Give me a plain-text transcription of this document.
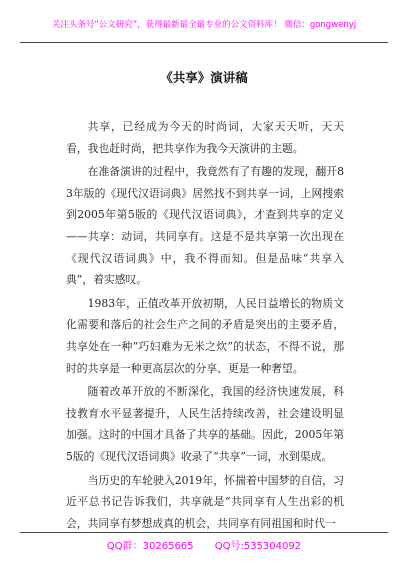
关注头条号“公文研究”，获得最新最全最专业的公文资料库！ 微信：gongwenyj
《共享》演讲稿

共享，已经成为今天的时尚词，大家天天听，天天看，我也赶时尚，把共享作为我今天演讲的主题。

在准备演讲的过程中，我竟然有了有趣的发现，翻开83年版的《现代汉语词典》居然找不到共享一词，上网搜索到2005年第5版的《现代汉语词典》，才查到共享的定义——共享：动词，共同享有。这是不是共享第一次出现在《现代汉语词典》中，我不得而知。但是品味“共享入典”，着实感叹。

1983年，正值改革开放初期，人民日益增长的物质文化需要和落后的社会生产之间的矛盾是突出的主要矛盾，共享处在一种“巧妇难为无米之炊”的状态，不得不说，那时的共享是一种更高层次的分享、更是一种奢望。

随着改革开放的不断深化，我国的经济快速发展，科技教育水平显著提升，人民生活持续改善，社会建设明显加强。这时的中国才具备了共享的基础。因此，2005年第5版的《现代汉语词典》收录了“共享”一词，水到渠成。

当历史的车轮驶入2019年，怀揣着中国梦的自信，习近平总书记告诉我们，共享就是“共同享有人生出彩的机会，共同享有梦想成真的机会，共同享有同祖国和时代一

QQ群：30265665 QQ号:535304092
